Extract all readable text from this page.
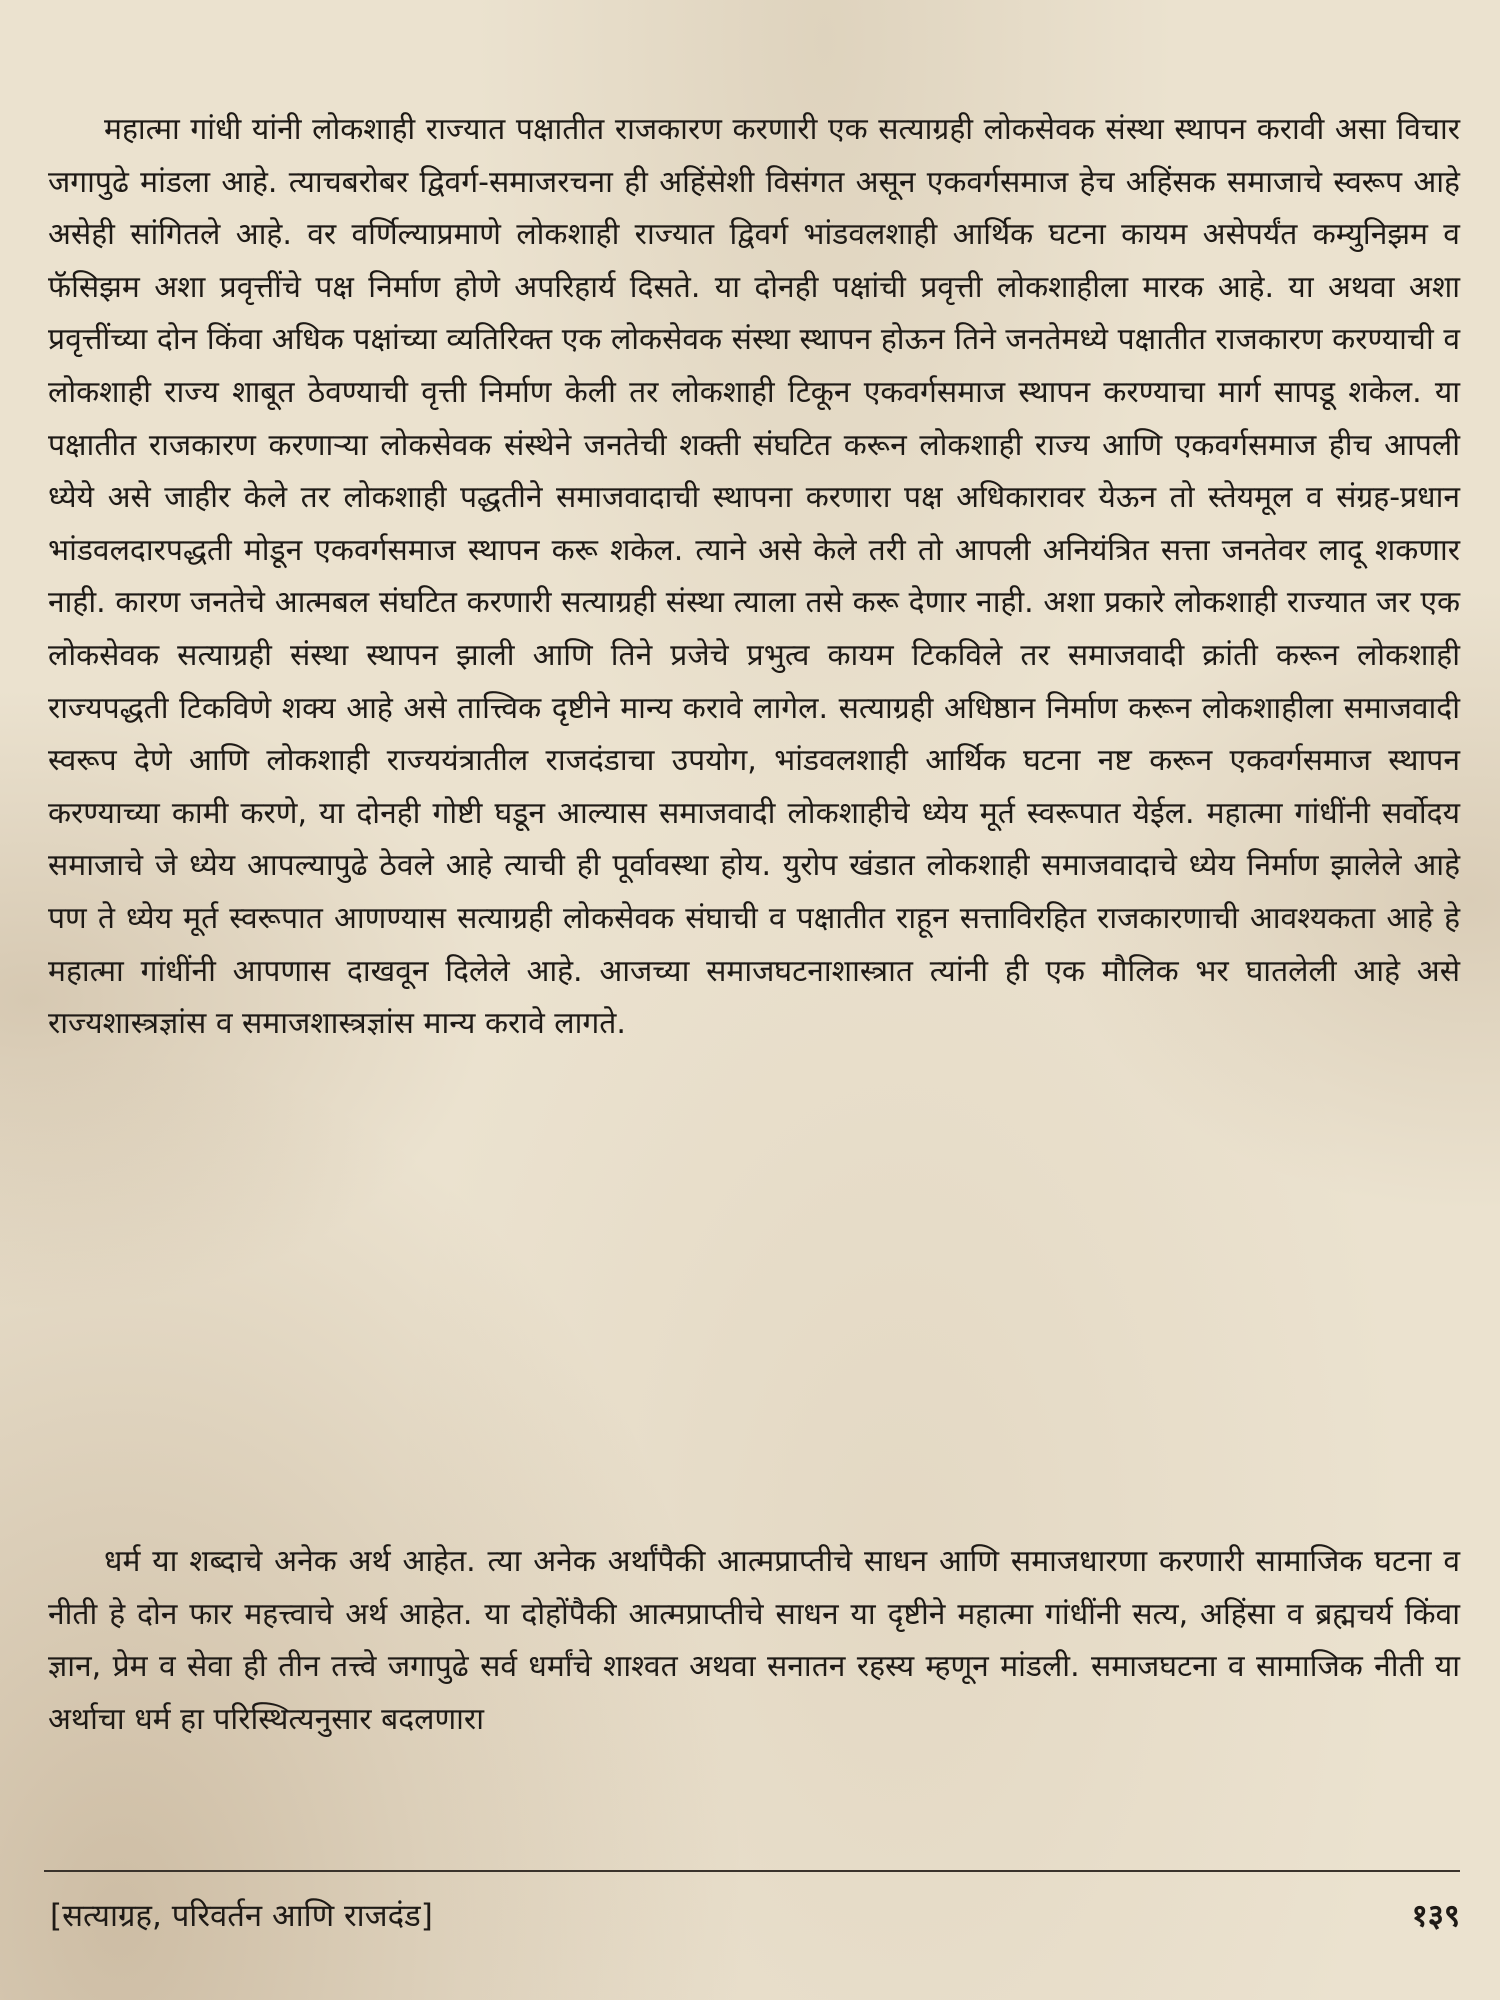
महात्मा गांधी यांनी लोकशाही राज्यात पक्षातीत राजकारण करणारी एक सत्याग्रही लोकसेवक संस्था स्थापन करावी असा विचार जगापुढे मांडला आहे. त्याचबरोबर द्विवर्ग-समाजरचना ही अहिंसेशी विसंगत असून एकवर्गसमाज हेच अहिंसक समाजाचे स्वरूप आहे असेही सांगितले आहे. वर वर्णिल्याप्रमाणे लोकशाही राज्यात द्विवर्ग भांडवलशाही आर्थिक घटना कायम असेपर्यंत कम्युनिझम व फॅसिझम अशा प्रवृत्तींचे पक्ष निर्माण होणे अपरिहार्य दिसते. या दोनही पक्षांची प्रवृत्ती लोकशाहीला मारक आहे. या अथवा अशा प्रवृत्तींच्या दोन किंवा अधिक पक्षांच्या व्यतिरिक्त एक लोकसेवक संस्था स्थापन होऊन तिने जनतेमध्ये पक्षातीत राजकारण करण्याची व लोकशाही राज्य शाबूत ठेवण्याची वृत्ती निर्माण केली तर लोकशाही टिकून एकवर्गसमाज स्थापन करण्याचा मार्ग सापडू शकेल. या पक्षातीत राजकारण करणाऱ्या लोकसेवक संस्थेने जनतेची शक्ती संघटित करून लोकशाही राज्य आणि एकवर्गसमाज हीच आपली ध्येये असे जाहीर केले तर लोकशाही पद्धतीने समाजवादाची स्थापना करणारा पक्ष अधिकारावर येऊन तो स्तेयमूल व संग्रह-प्रधान भांडवलदारपद्धती मोडून एकवर्गसमाज स्थापन करू शकेल. त्याने असे केले तरी तो आपली अनियंत्रित सत्ता जनतेवर लादू शकणार नाही. कारण जनतेचे आत्मबल संघटित करणारी सत्याग्रही संस्था त्याला तसे करू देणार नाही. अशा प्रकारे लोकशाही राज्यात जर एक लोकसेवक सत्याग्रही संस्था स्थापन झाली आणि तिने प्रजेचे प्रभुत्व कायम टिकविले तर समाजवादी क्रांती करून लोकशाही राज्यपद्धती टिकविणे शक्य आहे असे तात्त्विक दृष्टीने मान्य करावे लागेल. सत्याग्रही अधिष्ठान निर्माण करून लोकशाहीला समाजवादी स्वरूप देणे आणि लोकशाही राज्ययंत्रातील राजदंडाचा उपयोग, भांडवलशाही आर्थिक घटना नष्ट करून एकवर्गसमाज स्थापन करण्याच्या कामी करणे, या दोनही गोष्टी घडून आल्यास समाजवादी लोकशाहीचे ध्येय मूर्त स्वरूपात येईल. महात्मा गांधींनी सर्वोदय समाजाचे जे ध्येय आपल्यापुढे ठेवले आहे त्याची ही पूर्वावस्था होय. युरोप खंडात लोकशाही समाजवादाचे ध्येय निर्माण झालेले आहे पण ते ध्येय मूर्त स्वरूपात आणण्यास सत्याग्रही लोकसेवक संघाची व पक्षातीत राहून सत्ताविरहित राजकारणाची आवश्यकता आहे हे महात्मा गांधींनी आपणास दाखवून दिलेले आहे. आजच्या समाजघटनाशास्त्रात त्यांनी ही एक मौलिक भर घातलेली आहे असे राज्यशास्त्रज्ञांस व समाजशास्त्रज्ञांस मान्य करावे लागते.

धर्म या शब्दाचे अनेक अर्थ आहेत. त्या अनेक अर्थांपैकी आत्मप्राप्तीचे साधन आणि समाजधारणा करणारी सामाजिक घटना व नीती हे दोन फार महत्त्वाचे अर्थ आहेत. या दोहोंपैकी आत्मप्राप्तीचे साधन या दृष्टीने महात्मा गांधींनी सत्य, अहिंसा व ब्रह्मचर्य किंवा ज्ञान, प्रेम व सेवा ही तीन तत्त्वे जगापुढे सर्व धर्मांचे शाश्वत अथवा सनातन रहस्य म्हणून मांडली. समाजघटना व सामाजिक नीती या अर्थाचा धर्म हा परिस्थित्यनुसार बदलणारा

[सत्याग्रह, परिवर्तन आणि राजदंड]	१३९
